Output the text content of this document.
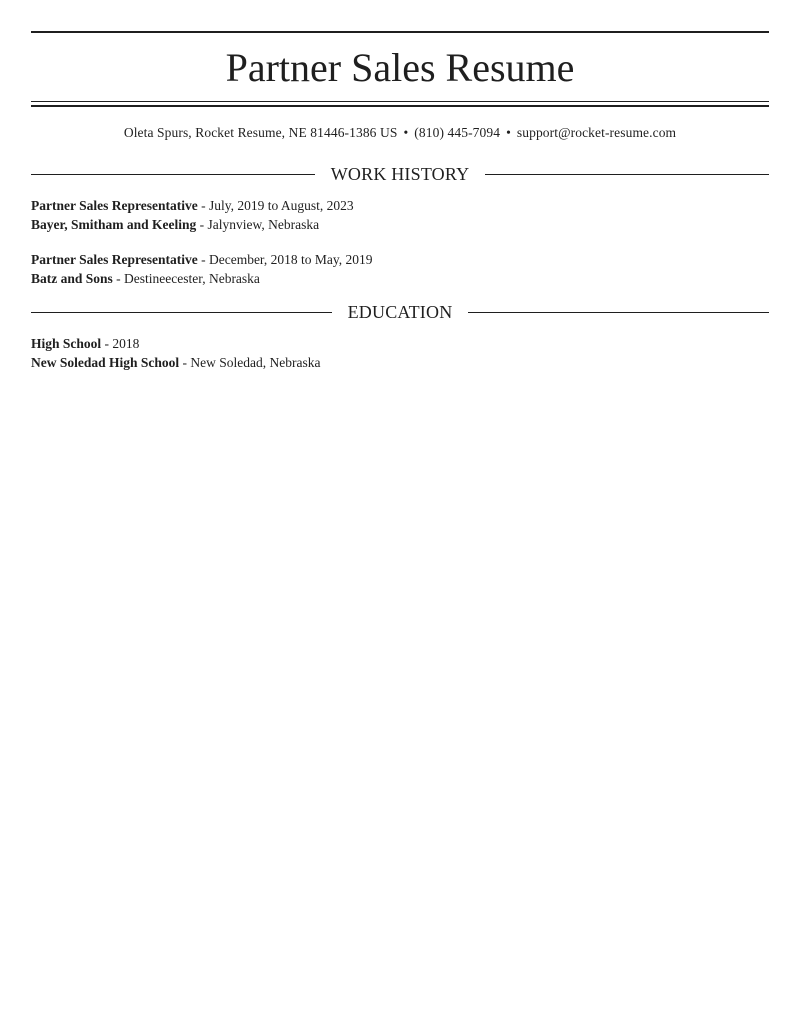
Partner Sales Resume
Oleta Spurs, Rocket Resume, NE 81446-1386 US • (810) 445-7094 • support@rocket-resume.com
WORK HISTORY
Partner Sales Representative - July, 2019 to August, 2023
Bayer, Smitham and Keeling - Jalynview, Nebraska
Partner Sales Representative - December, 2018 to May, 2019
Batz and Sons - Destineecester, Nebraska
EDUCATION
High School - 2018
New Soledad High School - New Soledad, Nebraska
